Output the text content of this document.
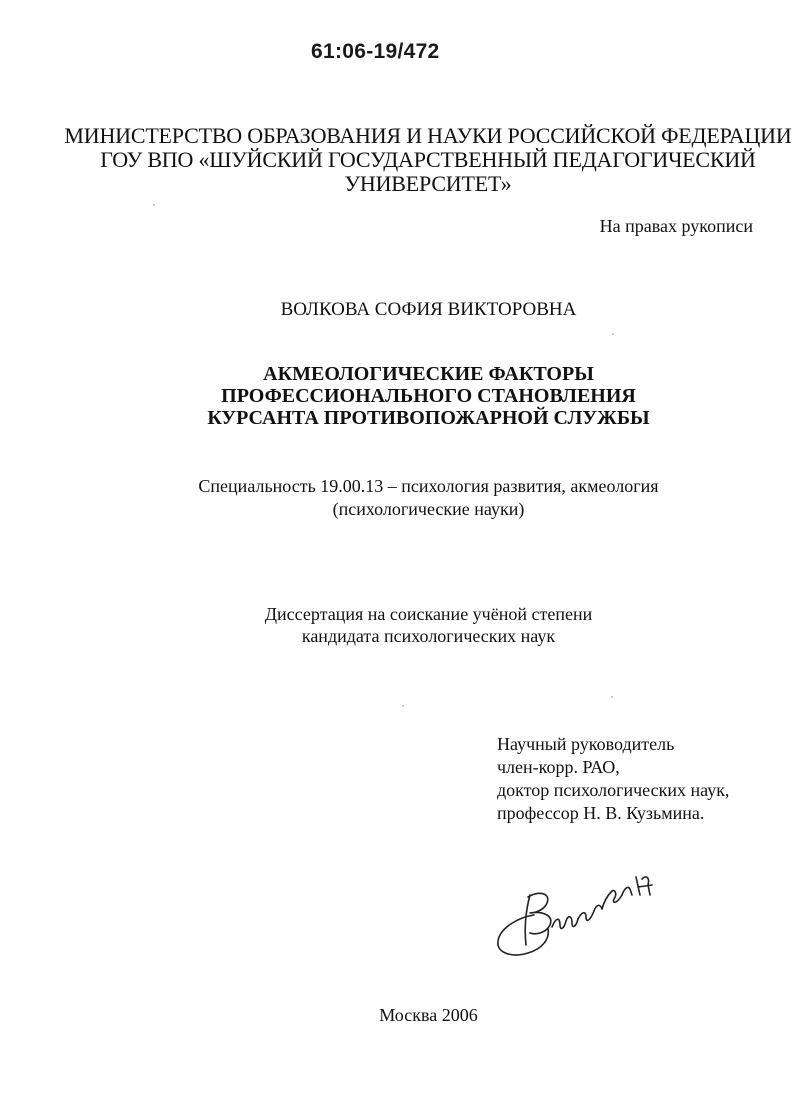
61:06-19/472
МИНИСТЕРСТВО ОБРАЗОВАНИЯ И НАУКИ РОССИЙСКОЙ ФЕДЕРАЦИИ
ГОУ ВПО «ШУЙСКИЙ ГОСУДАРСТВЕННЫЙ ПЕДАГОГИЧЕСКИЙ
УНИВЕРСИТЕТ»
На правах рукописи
ВОЛКОВА СОФИЯ ВИКТОРОВНА
АКМЕОЛОГИЧЕСКИЕ ФАКТОРЫ
ПРОФЕССИОНАЛЬНОГО СТАНОВЛЕНИЯ
КУРСАНТА ПРОТИВОПОЖАРНОЙ СЛУЖБЫ
Специальность 19.00.13 – психология развития, акмеология
(психологические науки)
Диссертация на соискание учёной степени
кандидата психологических наук
Научный руководитель
член-корр. РАО,
доктор психологических наук,
профессор Н. В. Кузьмина.
Москва 2006
